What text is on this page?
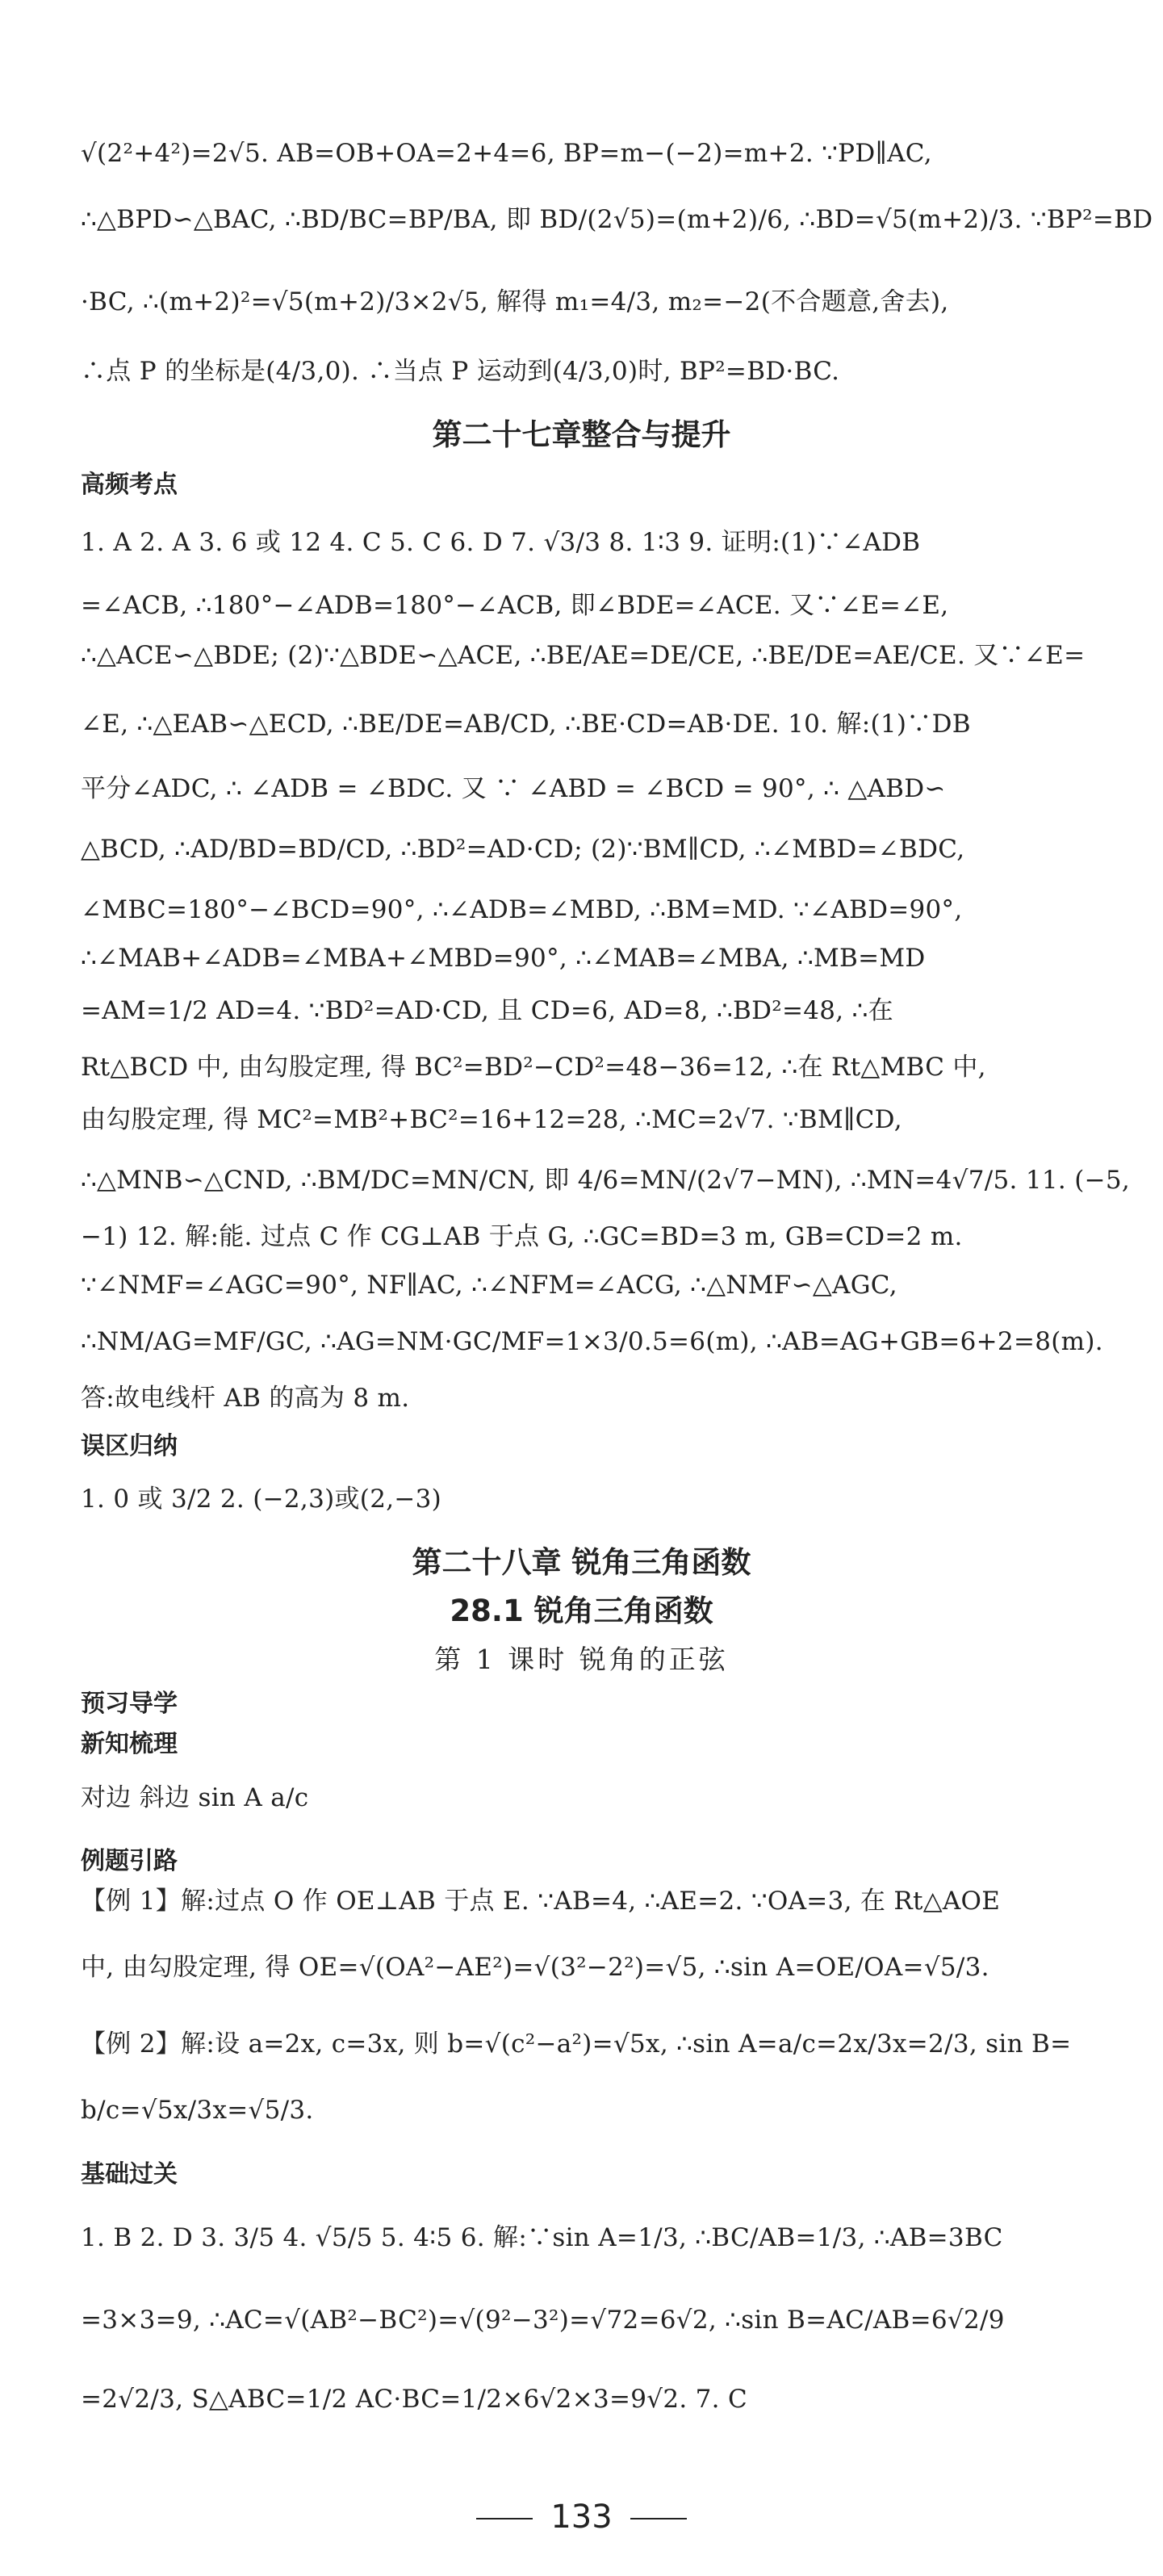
√(2²+4²)=2√5. AB=OB+OA=2+4=6, BP=m−(−2)=m+2. ∵PD∥AC,
∴△BPD∽△BAC, ∴BD/BC=BP/BA, 即 BD/(2√5)=(m+2)/6, ∴BD=√5(m+2)/3. ∵BP²=BD
·BC, ∴(m+2)²=√5(m+2)/3×2√5, 解得 m₁=4/3, m₂=−2(不合题意,舍去),
∴点 P 的坐标是(4/3,0). ∴当点 P 运动到(4/3,0)时, BP²=BD·BC.
第二十七章整合与提升
高频考点
1. A 2. A 3. 6 或 12 4. C 5. C 6. D 7. √3/3 8. 1∶3 9. 证明:(1)∵∠ADB
=∠ACB, ∴180°−∠ADB=180°−∠ACB, 即∠BDE=∠ACE. 又∵∠E=∠E,
∴△ACE∽△BDE; (2)∵△BDE∽△ACE, ∴BE/AE=DE/CE, ∴BE/DE=AE/CE. 又∵∠E=
∠E, ∴△EAB∽△ECD, ∴BE/DE=AB/CD, ∴BE·CD=AB·DE. 10. 解:(1)∵DB
平分∠ADC, ∴ ∠ADB = ∠BDC. 又 ∵ ∠ABD = ∠BCD = 90°, ∴ △ABD∽
△BCD, ∴AD/BD=BD/CD, ∴BD²=AD·CD; (2)∵BM∥CD, ∴∠MBD=∠BDC,
∠MBC=180°−∠BCD=90°, ∴∠ADB=∠MBD, ∴BM=MD. ∵∠ABD=90°,
∴∠MAB+∠ADB=∠MBA+∠MBD=90°, ∴∠MAB=∠MBA, ∴MB=MD
=AM=1/2 AD=4. ∵BD²=AD·CD, 且 CD=6, AD=8, ∴BD²=48, ∴在
Rt△BCD 中, 由勾股定理, 得 BC²=BD²−CD²=48−36=12, ∴在 Rt△MBC 中,
由勾股定理, 得 MC²=MB²+BC²=16+12=28, ∴MC=2√7. ∵BM∥CD,
∴△MNB∽△CND, ∴BM/DC=MN/CN, 即 4/6=MN/(2√7−MN), ∴MN=4√7/5. 11. (−5,
−1) 12. 解:能. 过点 C 作 CG⊥AB 于点 G, ∴GC=BD=3 m, GB=CD=2 m.
∵∠NMF=∠AGC=90°, NF∥AC, ∴∠NFM=∠ACG, ∴△NMF∽△AGC,
∴NM/AG=MF/GC, ∴AG=NM·GC/MF=1×3/0.5=6(m), ∴AB=AG+GB=6+2=8(m).
答:故电线杆 AB 的高为 8 m.
误区归纳
1. 0 或 3/2 2. (−2,3)或(2,−3)
第二十八章 锐角三角函数
28.1 锐角三角函数
第 1 课时 锐角的正弦
预习导学
新知梳理
对边 斜边 sin A a/c
例题引路
【例 1】解:过点 O 作 OE⊥AB 于点 E. ∵AB=4, ∴AE=2. ∵OA=3, 在 Rt△AOE
中, 由勾股定理, 得 OE=√(OA²−AE²)=√(3²−2²)=√5, ∴sin A=OE/OA=√5/3.
【例 2】解:设 a=2x, c=3x, 则 b=√(c²−a²)=√5x, ∴sin A=a/c=2x/3x=2/3, sin B=
b/c=√5x/3x=√5/3.
基础过关
1. B 2. D 3. 3/5 4. √5/5 5. 4∶5 6. 解:∵sin A=1/3, ∴BC/AB=1/3, ∴AB=3BC
=3×3=9, ∴AC=√(AB²−BC²)=√(9²−3²)=√72=6√2, ∴sin B=AC/AB=6√2/9
=2√2/3, S△ABC=1/2 AC·BC=1/2×6√2×3=9√2. 7. C
133
